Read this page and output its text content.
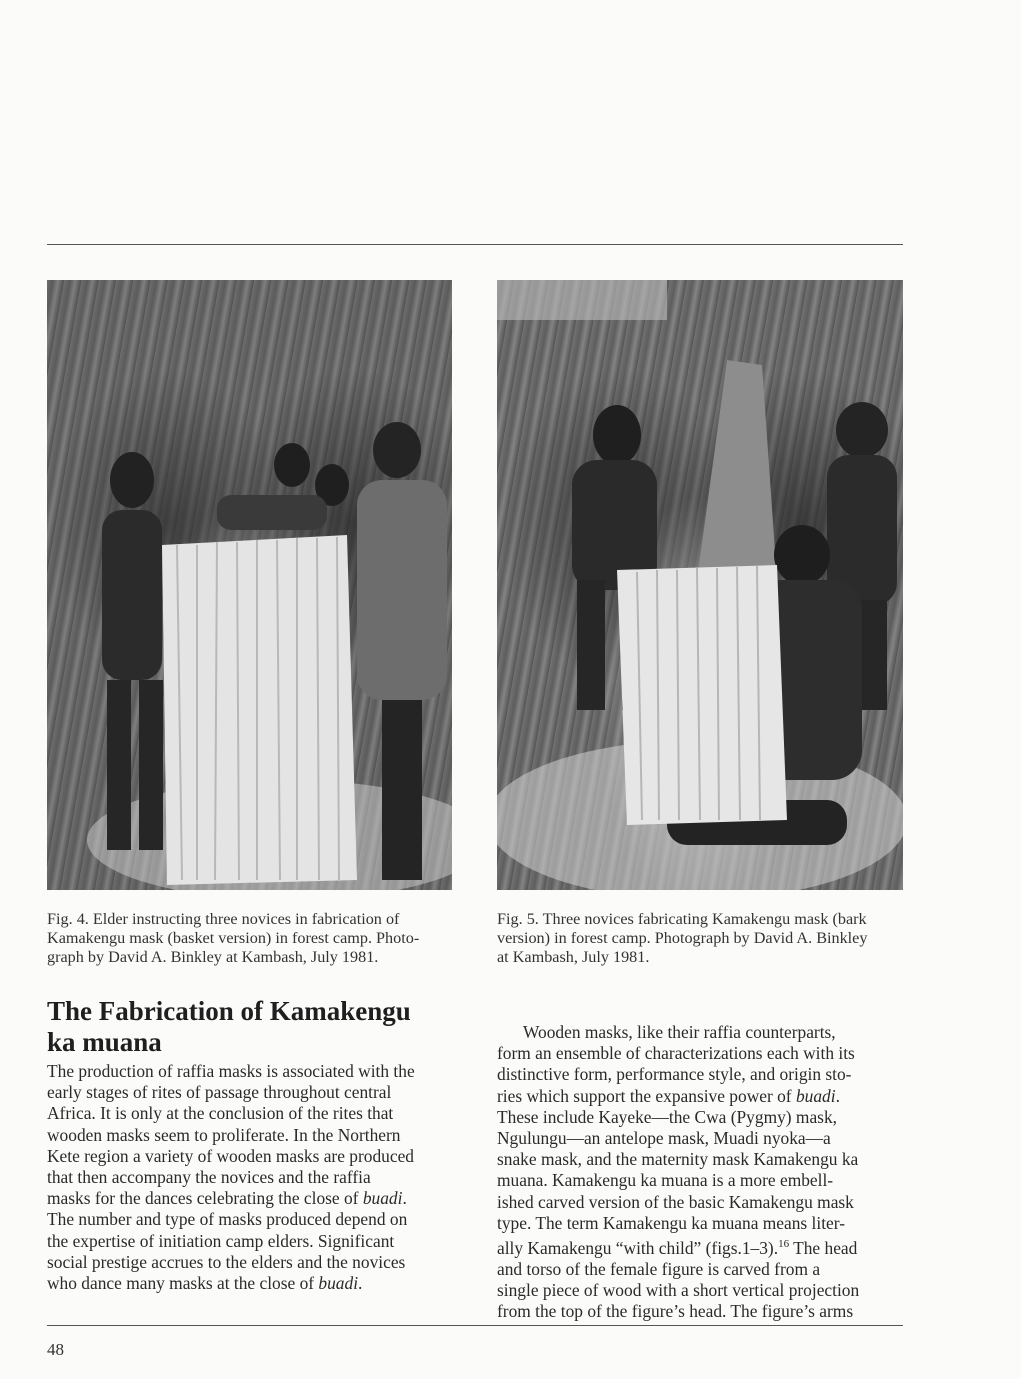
Fig. 4. Elder instructing three novices in fabrication of
Kamakengu mask (basket version) in forest camp. Photo-
graph by David A. Binkley at Kambash, July 1981.
Fig. 5. Three novices fabricating Kamakengu mask (bark
version) in forest camp. Photograph by David A. Binkley
at Kambash, July 1981.
The Fabrication of Kamakengu
ka muana
The production of raffia masks is associated with the
early stages of rites of passage throughout central
Africa. It is only at the conclusion of the rites that
wooden masks seem to proliferate. In the Northern
Kete region a variety of wooden masks are produced
that then accompany the novices and the raffia
masks for the dances celebrating the close of buadi.
The number and type of masks produced depend on
the expertise of initiation camp elders. Significant
social prestige accrues to the elders and the novices
who dance many masks at the close of buadi.
Wooden masks, like their raffia counterparts,
form an ensemble of characterizations each with its
distinctive form, performance style, and origin sto-
ries which support the expansive power of buadi.
These include Kayeke—the Cwa (Pygmy) mask,
Ngulungu—an antelope mask, Muadi nyoka—a
snake mask, and the maternity mask Kamakengu ka
muana. Kamakengu ka muana is a more embell-
ished carved version of the basic Kamakengu mask
type. The term Kamakengu ka muana means liter-
ally Kamakengu “with child” (figs.1–3).$^{16}$ The head
and torso of the female figure is carved from a
single piece of wood with a short vertical projection
from the top of the figure’s head. The figure’s arms
48
